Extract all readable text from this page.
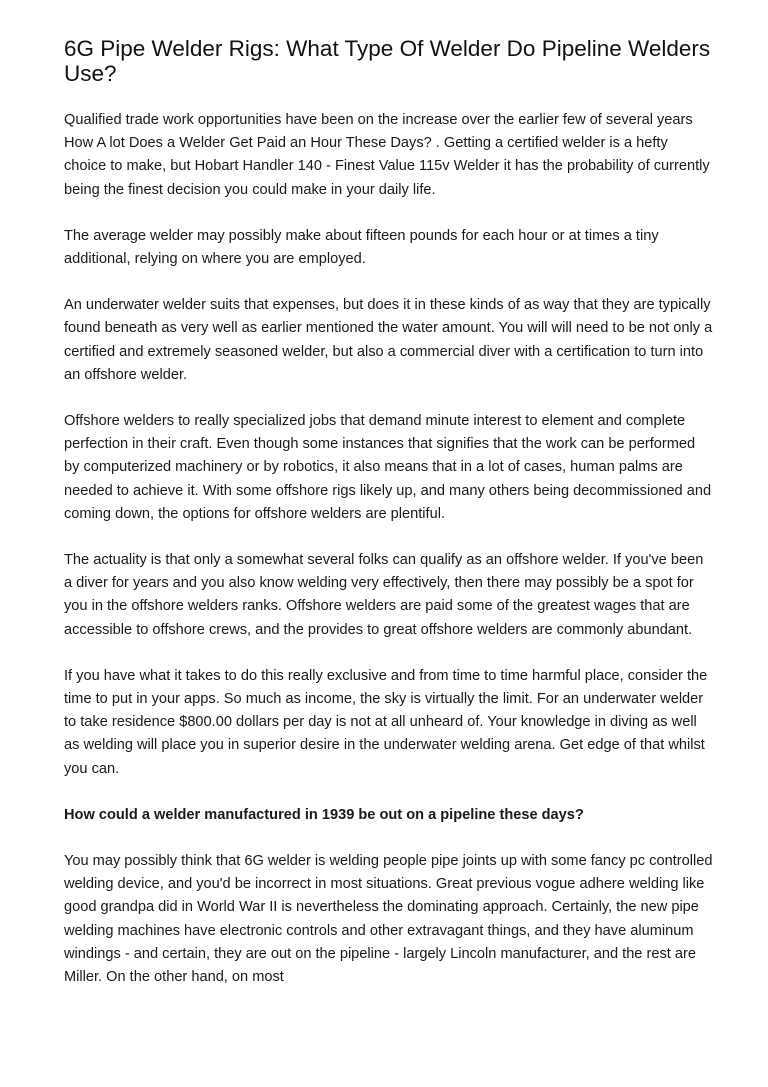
6G Pipe Welder Rigs: What Type Of Welder Do Pipeline Welders Use?

Qualified trade work opportunities have been on the increase over the earlier few of several years How A lot Does a Welder Get Paid an Hour These Days? . Getting a certified welder is a hefty choice to make, but Hobart Handler 140 - Finest Value 115v Welder it has the probability of currently being the finest decision you could make in your daily life.

The average welder may possibly make about fifteen pounds for each hour or at times a tiny additional, relying on where you are employed.

An underwater welder suits that expenses, but does it in these kinds of as way that they are typically found beneath as very well as earlier mentioned the water amount. You will will need to be not only a certified and extremely seasoned welder, but also a commercial diver with a certification to turn into an offshore welder.

Offshore welders to really specialized jobs that demand minute interest to element and complete perfection in their craft. Even though some instances that signifies that the work can be performed by computerized machinery or by robotics, it also means that in a lot of cases, human palms are needed to achieve it. With some offshore rigs likely up, and many others being decommissioned and coming down, the options for offshore welders are plentiful.

The actuality is that only a somewhat several folks can qualify as an offshore welder. If you've been a diver for years and you also know welding very effectively, then there may possibly be a spot for you in the offshore welders ranks. Offshore welders are paid some of the greatest wages that are accessible to offshore crews, and the provides to great offshore welders are commonly abundant.

If you have what it takes to do this really exclusive and from time to time harmful place, consider the time to put in your apps. So much as income, the sky is virtually the limit. For an underwater welder to take residence $800.00 dollars per day is not at all unheard of. Your knowledge in diving as well as welding will place you in superior desire in the underwater welding arena. Get edge of that whilst you can.

How could a welder manufactured in 1939 be out on a pipeline these days?

You may possibly think that 6G welder is welding people pipe joints up with some fancy pc controlled welding device, and you'd be incorrect in most situations. Great previous vogue adhere welding like good grandpa did in World War II is nevertheless the dominating approach. Certainly, the new pipe welding machines have electronic controls and other extravagant things, and they have aluminum windings - and certain, they are out on the pipeline - largely Lincoln manufacturer, and the rest are Miller. On the other hand, on most
